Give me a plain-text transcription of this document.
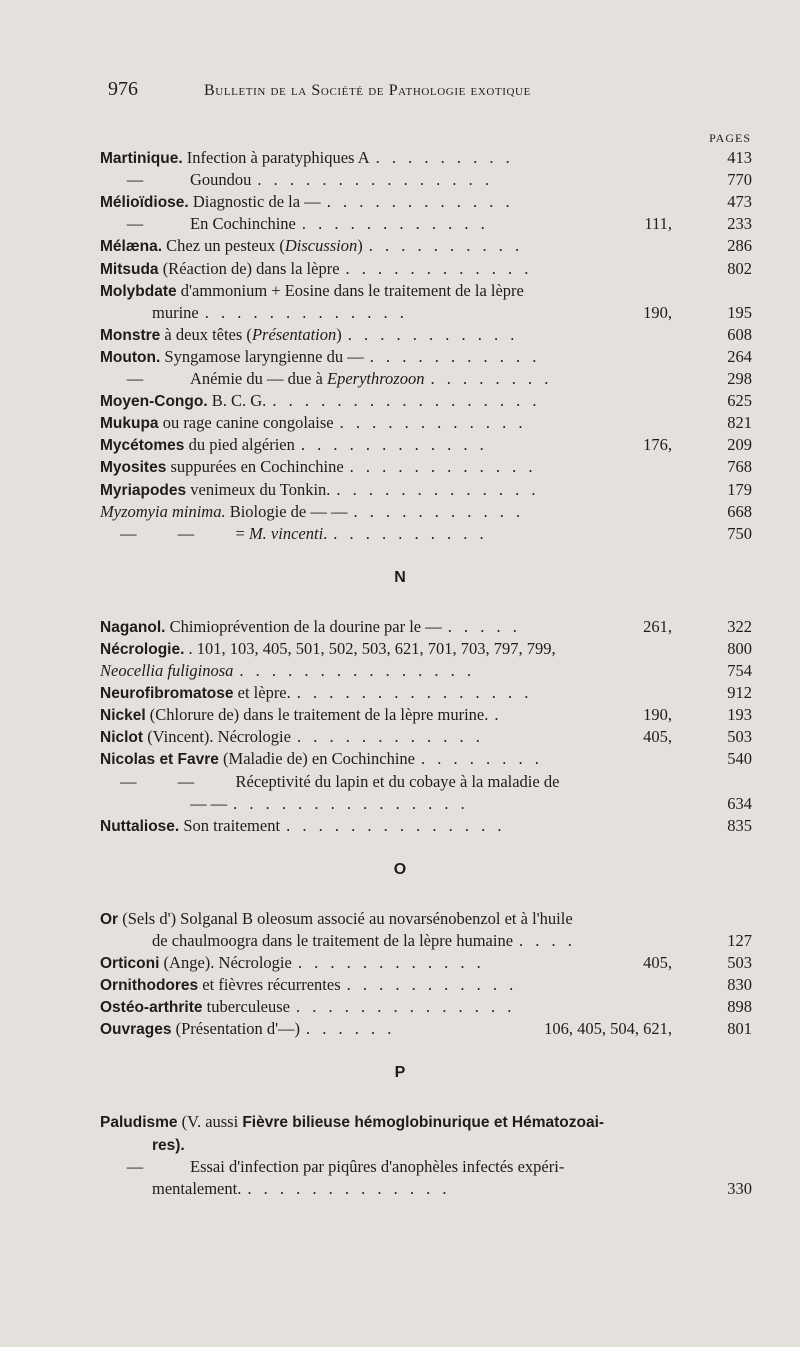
976	Bulletin de la Société de Pathologie exotique
PAGES
Martinique. Infection à paratyphiques A . . . . . . . . .	413
—	Goundou . . . . . . . . . . . . . . .	770
Mélioïdiose. Diagnostic de la — . . . . . . . . . . . .	473
—	En Cochinchine . . . . . . . . . . . .	111,	233
Mélæna. Chez un pesteux (Discussion) . . . . . . . . . .	286
Mitsuda (Réaction de) dans la lèpre . . . . . . . . . . . .	802
Molybdate d'ammonium + Eosine dans le traitement de la lèpre
murine . . . . . . . . . . . . .	190,	195
Monstre à deux têtes (Présentation) . . . . . . . . . . .	608
Mouton. Syngamose laryngienne du — . . . . . . . . . . .	264
—	Anémie du — due à Eperythrozoon . . . . . . . .	298
Moyen-Congo. B. C. G. . . . . . . . . . . . . . . . . .	625
Mukupa ou rage canine congolaise . . . . . . . . . . . .	821
Mycétomes du pied algérien . . . . . . . . . . . .	176,	209
Myosites suppurées en Cochinchine . . . . . . . . . . . .	768
Myriapodes venimeux du Tonkin. . . . . . . . . . . . . .	179
Myzomyia minima. Biologie de — — . . . . . . . . . . .	668
—          —          = M. vincenti. . . . . . . . . . .	750
N
Naganol. Chimioprévention de la dourine par le — . . . . .	261,	322
Nécrologie. . 101, 103, 405, 501, 502, 503, 621, 701, 703, 797, 799,	800
Neocellia fuliginosa . . . . . . . . . . . . . . .	754
Neurofibromatose et lèpre. . . . . . . . . . . . . . . .	912
Nickel (Chlorure de) dans le traitement de la lèpre murine. .	190,	193
Niclot (Vincent). Nécrologie . . . . . . . . . . . .	405,	503
Nicolas et Favre (Maladie de) en Cochinchine . . . . . . . .	540
—          —          Réceptivité du lapin et du cobaye à la maladie de
— — . . . . . . . . . . . . . . .	634
Nuttaliose. Son traitement . . . . . . . . . . . . . .	835
O
Or (Sels d') Solganal B oleosum associé au novarsénobenzol et à l'huile
de chaulmoogra dans le traitement de la lèpre humaine . . . .	127
Orticoni (Ange). Nécrologie . . . . . . . . . . . .	405,	503
Ornithodores et fièvres récurrentes . . . . . . . . . . .	830
Ostéo-arthrite tuberculeuse . . . . . . . . . . . . . .	898
Ouvrages (Présentation d'—) . . . . . .	106, 405, 504, 621,	801
P
Paludisme (V. aussi Fièvre bilieuse hémoglobinurique et Hématozoai-
res).
—	Essai d'infection par piqûres d'anophèles infectés expéri-
mentalement. . . . . . . . . . . . . .	330
